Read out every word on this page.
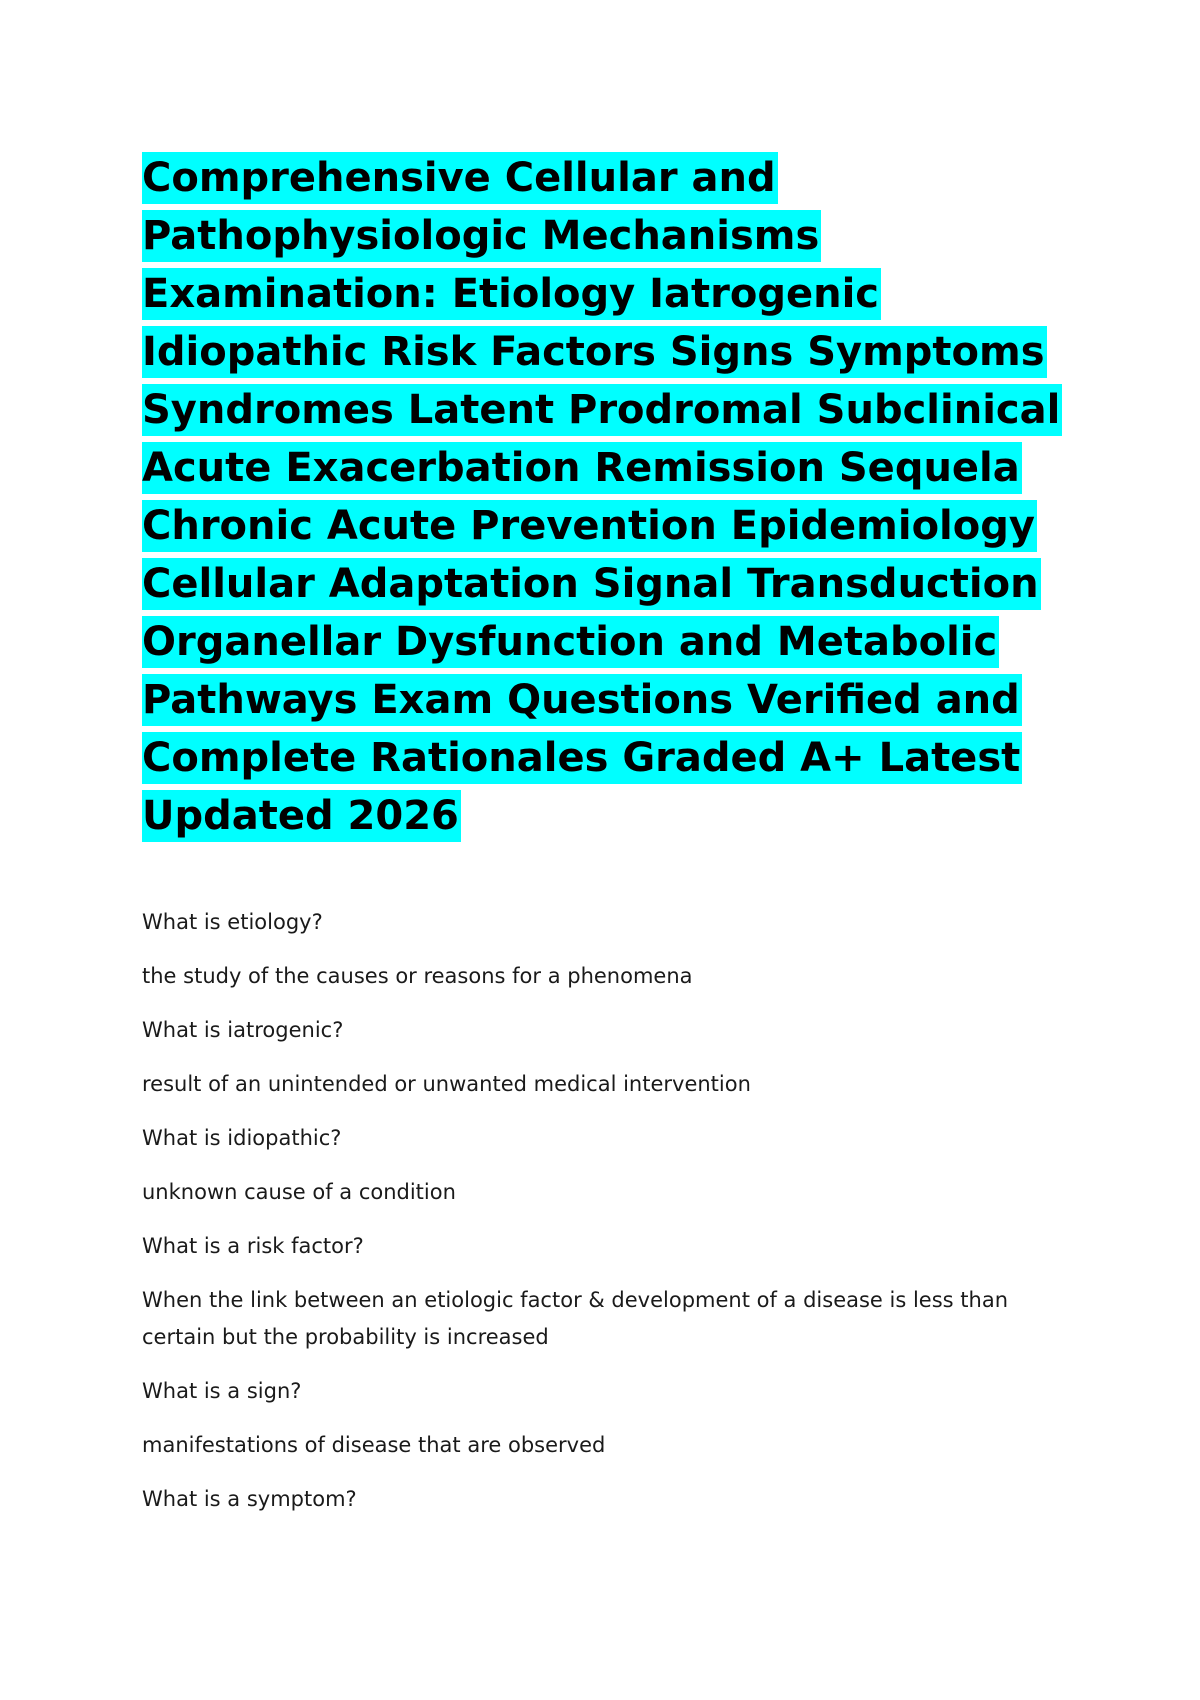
Comprehensive Cellular and
Pathophysiologic Mechanisms
Examination: Etiology Iatrogenic
Idiopathic Risk Factors Signs Symptoms
Syndromes Latent Prodromal Subclinical
Acute Exacerbation Remission Sequela
Chronic Acute Prevention Epidemiology
Cellular Adaptation Signal Transduction
Organellar Dysfunction and Metabolic
Pathways Exam Questions Verified and
Complete Rationales Graded A+ Latest
Updated 2026

What is etiology?

the study of the causes or reasons for a phenomena

What is iatrogenic?

result of an unintended or unwanted medical intervention

What is idiopathic?

unknown cause of a condition

What is a risk factor?

When the link between an etiologic factor & development of a disease is less than certain but the probability is increased

What is a sign?

manifestations of disease that are observed

What is a symptom?
